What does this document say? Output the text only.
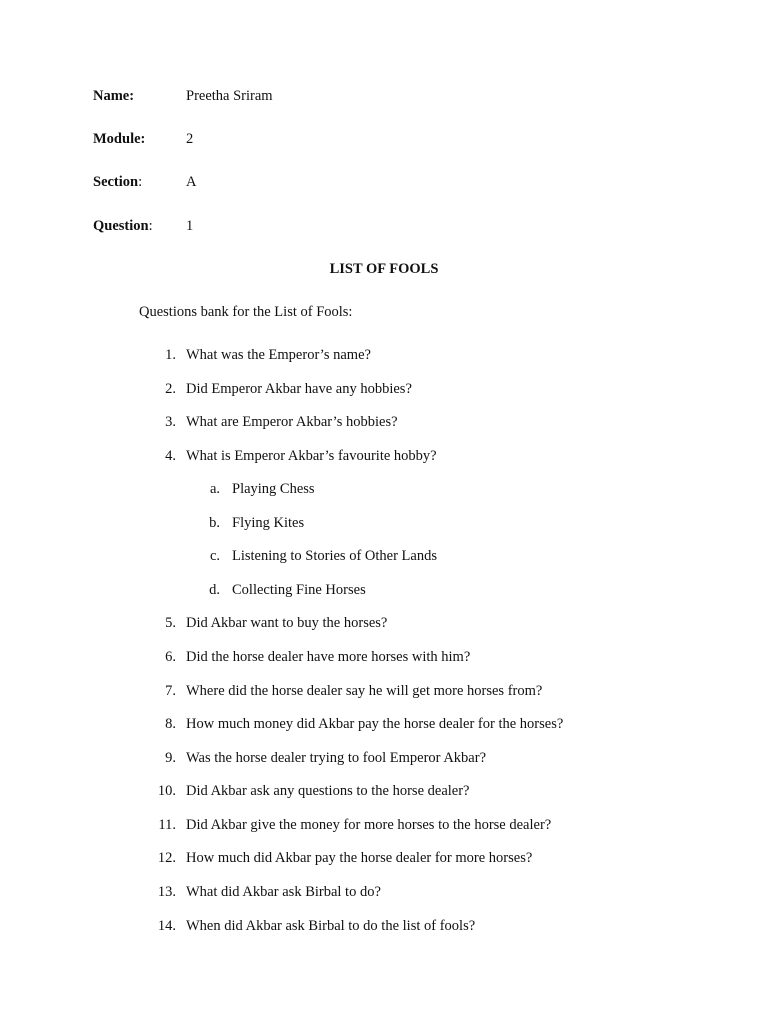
Name:	Preetha Sriram
Module:	2
Section:	A
Question: 1
LIST OF FOOLS
Questions bank for the List of Fools:
1. What was the Emperor’s name?
2. Did Emperor Akbar have any hobbies?
3. What are Emperor Akbar’s hobbies?
4. What is Emperor Akbar’s favourite hobby?
a. Playing Chess
b. Flying Kites
c. Listening to Stories of Other Lands
d. Collecting Fine Horses
5. Did Akbar want to buy the horses?
6. Did the horse dealer have more horses with him?
7. Where did the horse dealer say he will get more horses from?
8. How much money did Akbar pay the horse dealer for the horses?
9. Was the horse dealer trying to fool Emperor Akbar?
10. Did Akbar ask any questions to the horse dealer?
11. Did Akbar give the money for more horses to the horse dealer?
12. How much did Akbar pay the horse dealer for more horses?
13. What did Akbar ask Birbal to do?
14. When did Akbar ask Birbal to do the list of fools?
